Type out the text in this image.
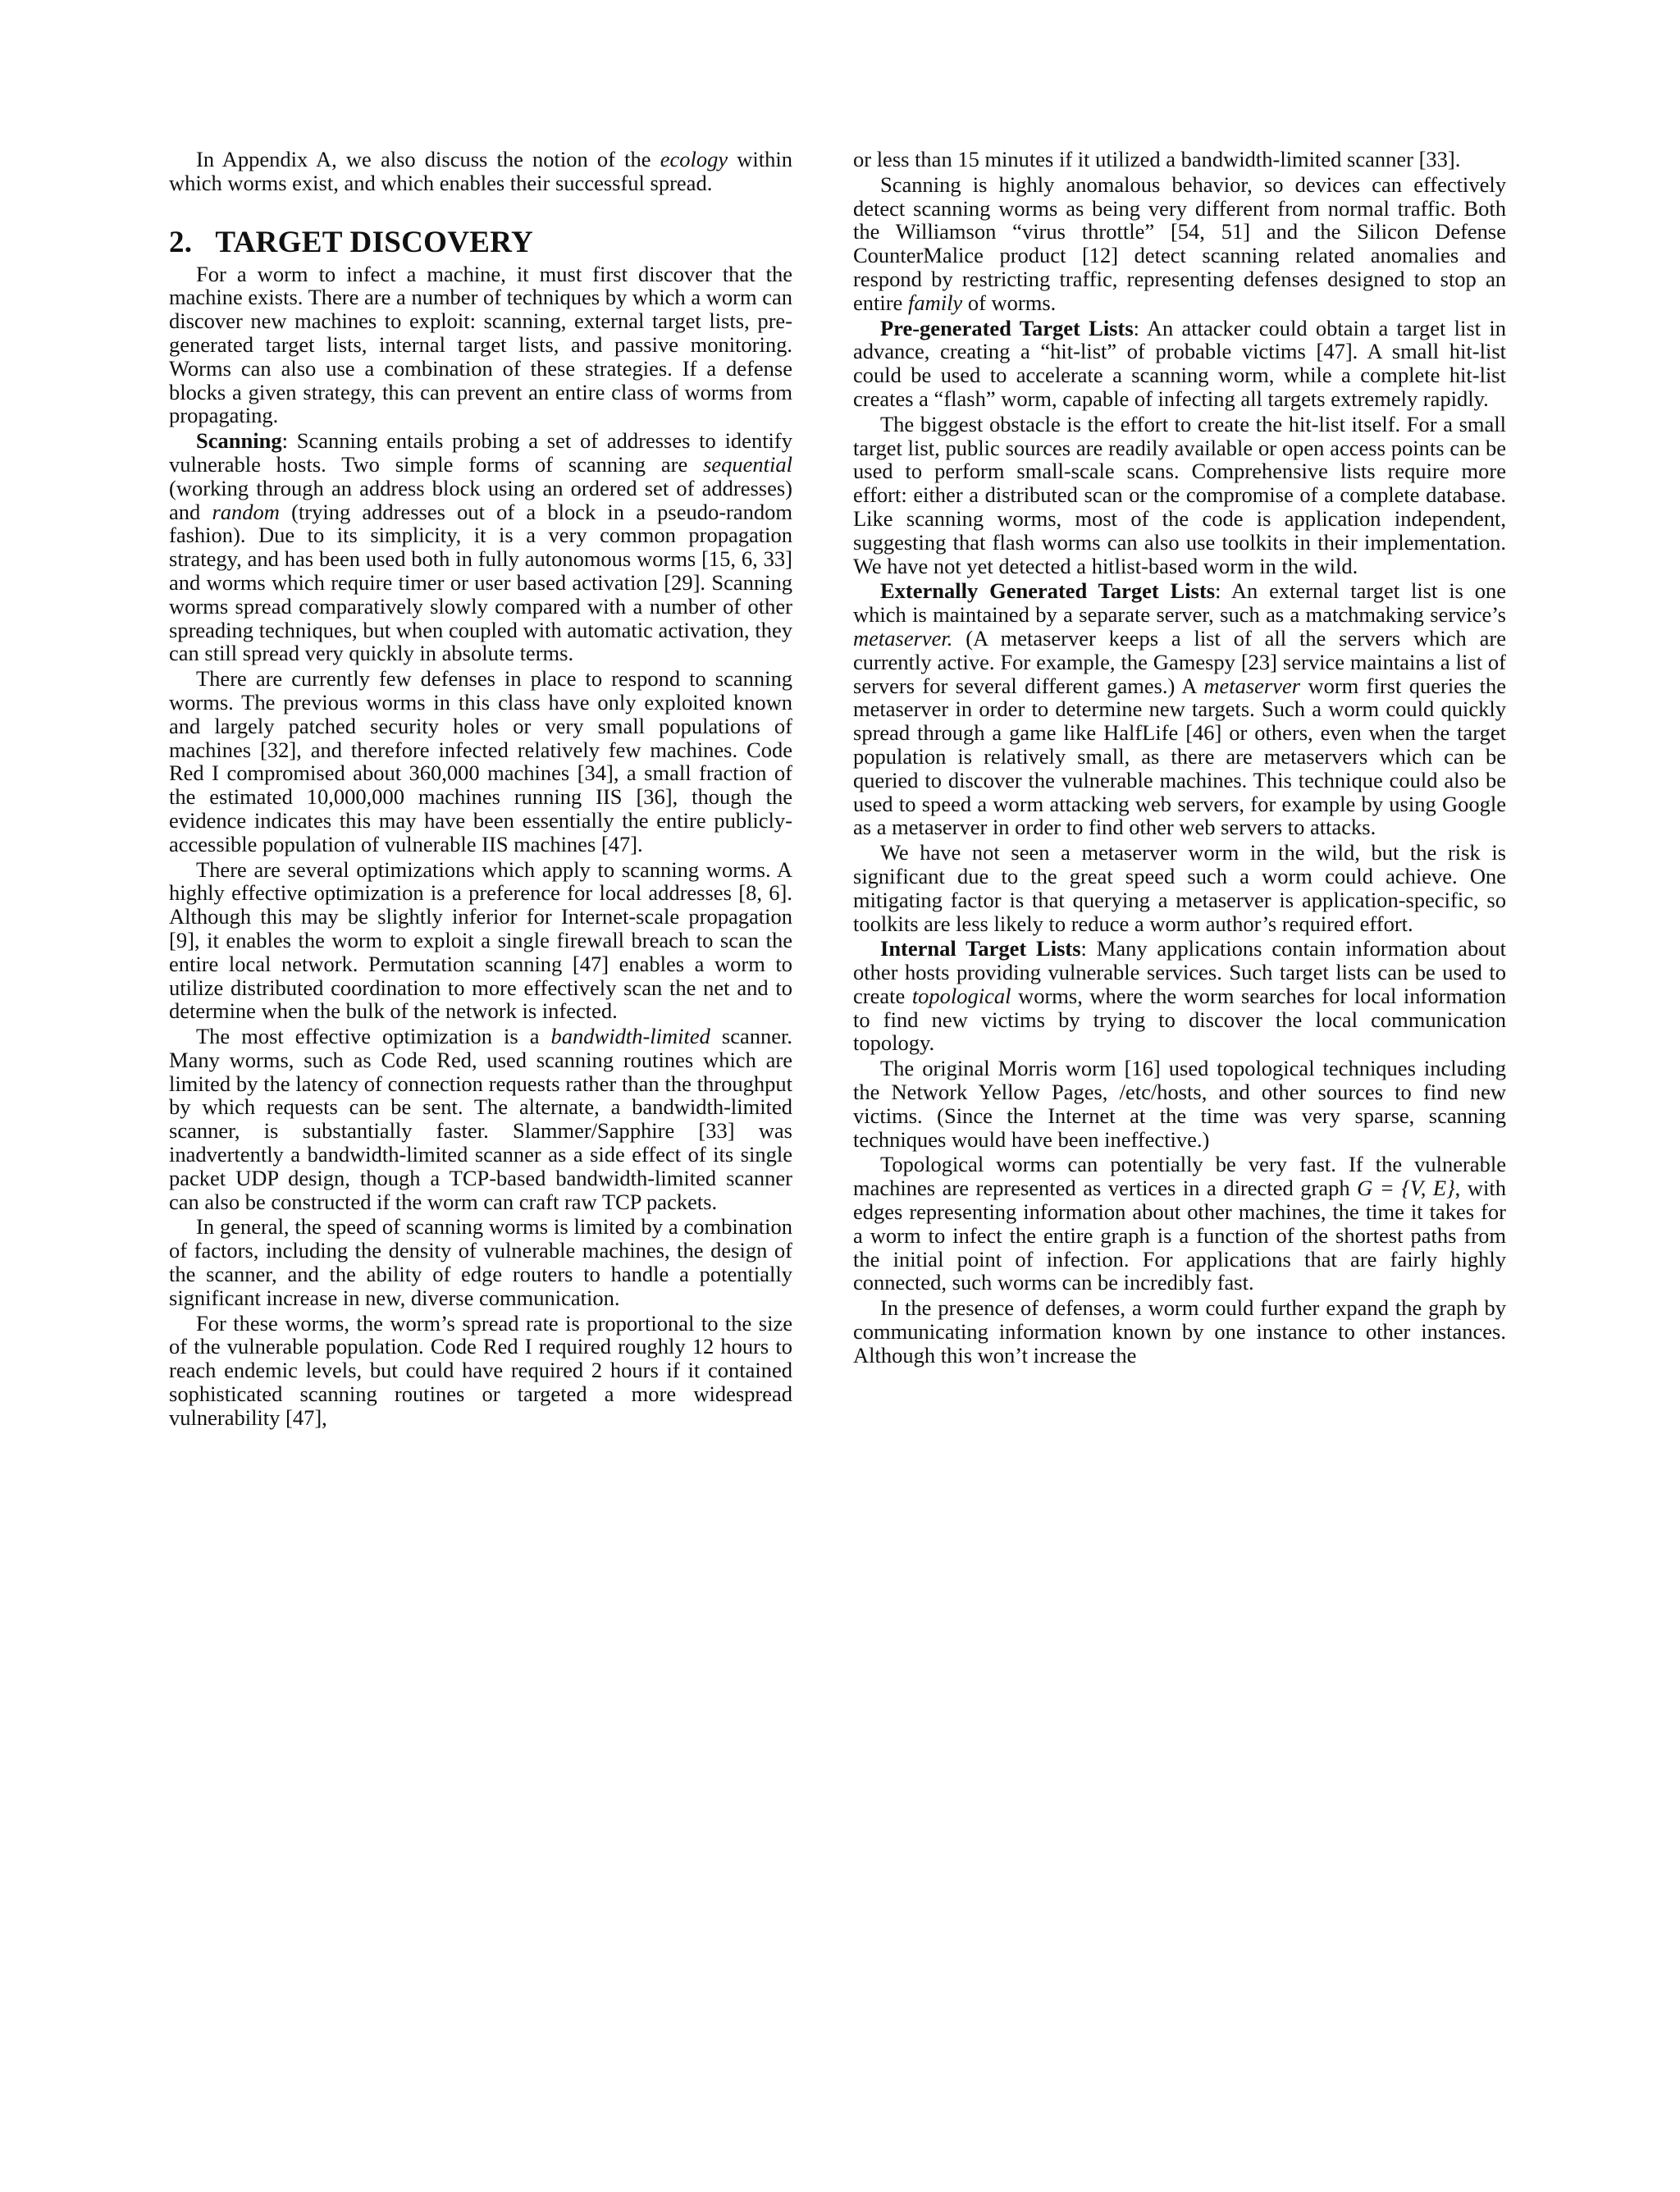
In Appendix A, we also discuss the notion of the ecology within which worms exist, and which enables their successful spread.

2. TARGET DISCOVERY

For a worm to infect a machine, it must first discover that the machine exists. There are a number of techniques by which a worm can discover new machines to exploit: scanning, external target lists, pre-generated target lists, internal target lists, and passive monitoring. Worms can also use a combination of these strategies. If a defense blocks a given strategy, this can prevent an entire class of worms from propagating.

Scanning: Scanning entails probing a set of addresses to identify vulnerable hosts. Two simple forms of scanning are sequential (working through an address block using an ordered set of addresses) and random (trying addresses out of a block in a pseudo-random fashion). Due to its simplicity, it is a very common propagation strategy, and has been used both in fully autonomous worms [15, 6, 33] and worms which require timer or user based activation [29]. Scanning worms spread comparatively slowly compared with a number of other spreading techniques, but when coupled with automatic activation, they can still spread very quickly in absolute terms.

There are currently few defenses in place to respond to scanning worms. The previous worms in this class have only exploited known and largely patched security holes or very small populations of machines [32], and therefore infected relatively few machines. Code Red I compromised about 360,000 machines [34], a small fraction of the estimated 10,000,000 machines running IIS [36], though the evidence indicates this may have been essentially the entire publicly-accessible population of vulnerable IIS machines [47].

There are several optimizations which apply to scanning worms. A highly effective optimization is a preference for local addresses [8, 6]. Although this may be slightly inferior for Internet-scale propagation [9], it enables the worm to exploit a single firewall breach to scan the entire local network. Permutation scanning [47] enables a worm to utilize distributed coordination to more effectively scan the net and to determine when the bulk of the network is infected.

The most effective optimization is a bandwidth-limited scanner. Many worms, such as Code Red, used scanning routines which are limited by the latency of connection requests rather than the throughput by which requests can be sent. The alternate, a bandwidth-limited scanner, is substantially faster. Slammer/Sapphire [33] was inadvertently a bandwidth-limited scanner as a side effect of its single packet UDP design, though a TCP-based bandwidth-limited scanner can also be constructed if the worm can craft raw TCP packets.

In general, the speed of scanning worms is limited by a combination of factors, including the density of vulnerable machines, the design of the scanner, and the ability of edge routers to handle a potentially significant increase in new, diverse communication.

For these worms, the worm’s spread rate is proportional to the size of the vulnerable population. Code Red I required roughly 12 hours to reach endemic levels, but could have required 2 hours if it contained sophisticated scanning routines or targeted a more widespread vulnerability [47],

or less than 15 minutes if it utilized a bandwidth-limited scanner [33].

Scanning is highly anomalous behavior, so devices can effectively detect scanning worms as being very different from normal traffic. Both the Williamson “virus throttle” [54, 51] and the Silicon Defense CounterMalice product [12] detect scanning related anomalies and respond by restricting traffic, representing defenses designed to stop an entire family of worms.

Pre-generated Target Lists: An attacker could obtain a target list in advance, creating a “hit-list” of probable victims [47]. A small hit-list could be used to accelerate a scanning worm, while a complete hit-list creates a “flash” worm, capable of infecting all targets extremely rapidly.

The biggest obstacle is the effort to create the hit-list itself. For a small target list, public sources are readily available or open access points can be used to perform small-scale scans. Comprehensive lists require more effort: either a distributed scan or the compromise of a complete database. Like scanning worms, most of the code is application independent, suggesting that flash worms can also use toolkits in their implementation. We have not yet detected a hitlist-based worm in the wild.

Externally Generated Target Lists: An external target list is one which is maintained by a separate server, such as a matchmaking service’s metaserver. (A metaserver keeps a list of all the servers which are currently active. For example, the Gamespy [23] service maintains a list of servers for several different games.) A metaserver worm first queries the metaserver in order to determine new targets. Such a worm could quickly spread through a game like HalfLife [46] or others, even when the target population is relatively small, as there are metaservers which can be queried to discover the vulnerable machines. This technique could also be used to speed a worm attacking web servers, for example by using Google as a metaserver in order to find other web servers to attacks.

We have not seen a metaserver worm in the wild, but the risk is significant due to the great speed such a worm could achieve. One mitigating factor is that querying a metaserver is application-specific, so toolkits are less likely to reduce a worm author’s required effort.

Internal Target Lists: Many applications contain information about other hosts providing vulnerable services. Such target lists can be used to create topological worms, where the worm searches for local information to find new victims by trying to discover the local communication topology.

The original Morris worm [16] used topological techniques including the Network Yellow Pages, /etc/hosts, and other sources to find new victims. (Since the Internet at the time was very sparse, scanning techniques would have been ineffective.)

Topological worms can potentially be very fast. If the vulnerable machines are represented as vertices in a directed graph G = {V, E}, with edges representing information about other machines, the time it takes for a worm to infect the entire graph is a function of the shortest paths from the initial point of infection. For applications that are fairly highly connected, such worms can be incredibly fast.

In the presence of defenses, a worm could further expand the graph by communicating information known by one instance to other instances. Although this won’t increase the
